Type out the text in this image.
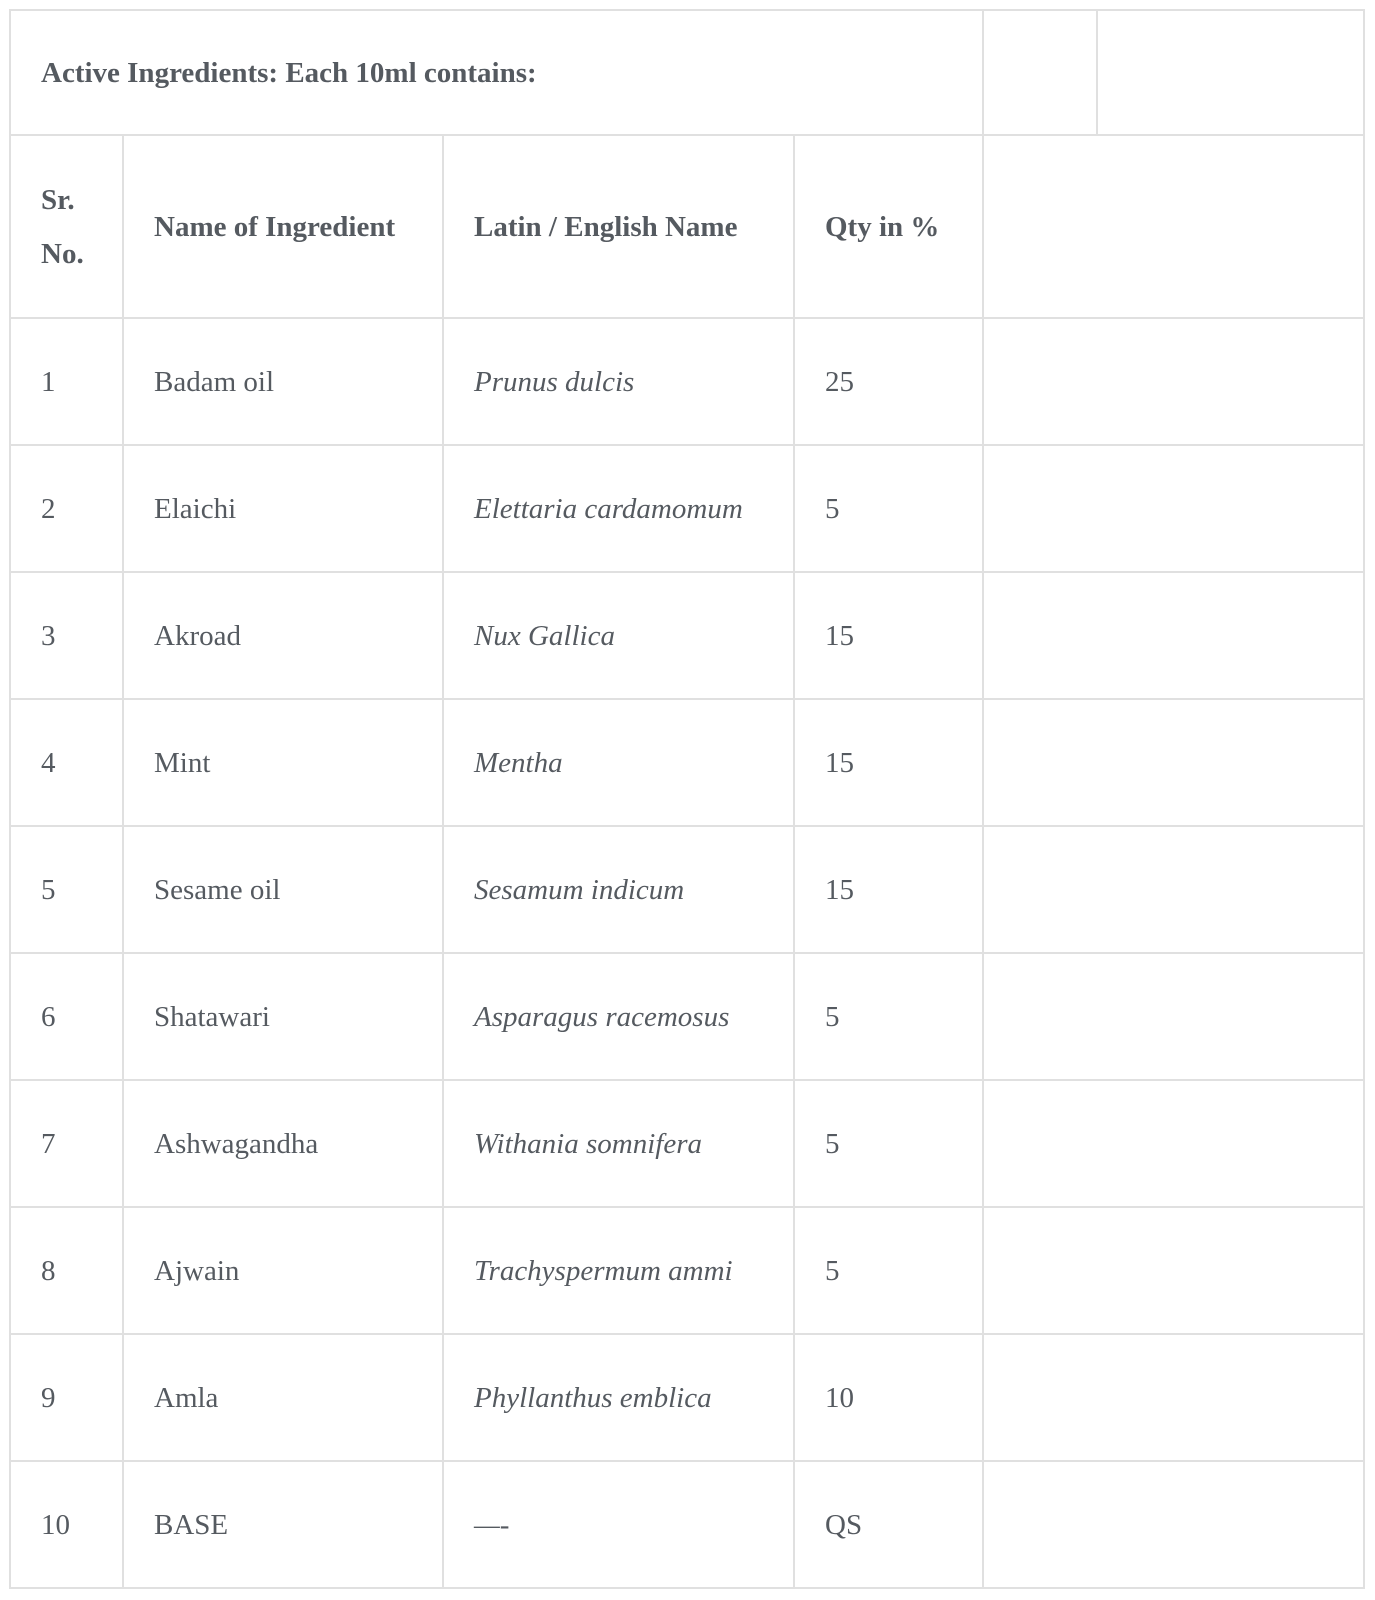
Active Ingredients: Each 10ml contains:					
Sr. No.	Name of Ingredient	Latin / English Name	Qty in %		
1	Badam oil	Prunus dulcis	25		
2	Elaichi	Elettaria cardamomum	5		
3	Akroad	Nux Gallica	15		
4	Mint	Mentha	15		
5	Sesame oil	Sesamum indicum	15		
6	Shatawari	Asparagus racemosus	5		
7	Ashwagandha	Withania somnifera	5		
8	Ajwain	Trachyspermum ammi	5		
9	Amla	Phyllanthus emblica	10		
10	BASE	—-	QS		
